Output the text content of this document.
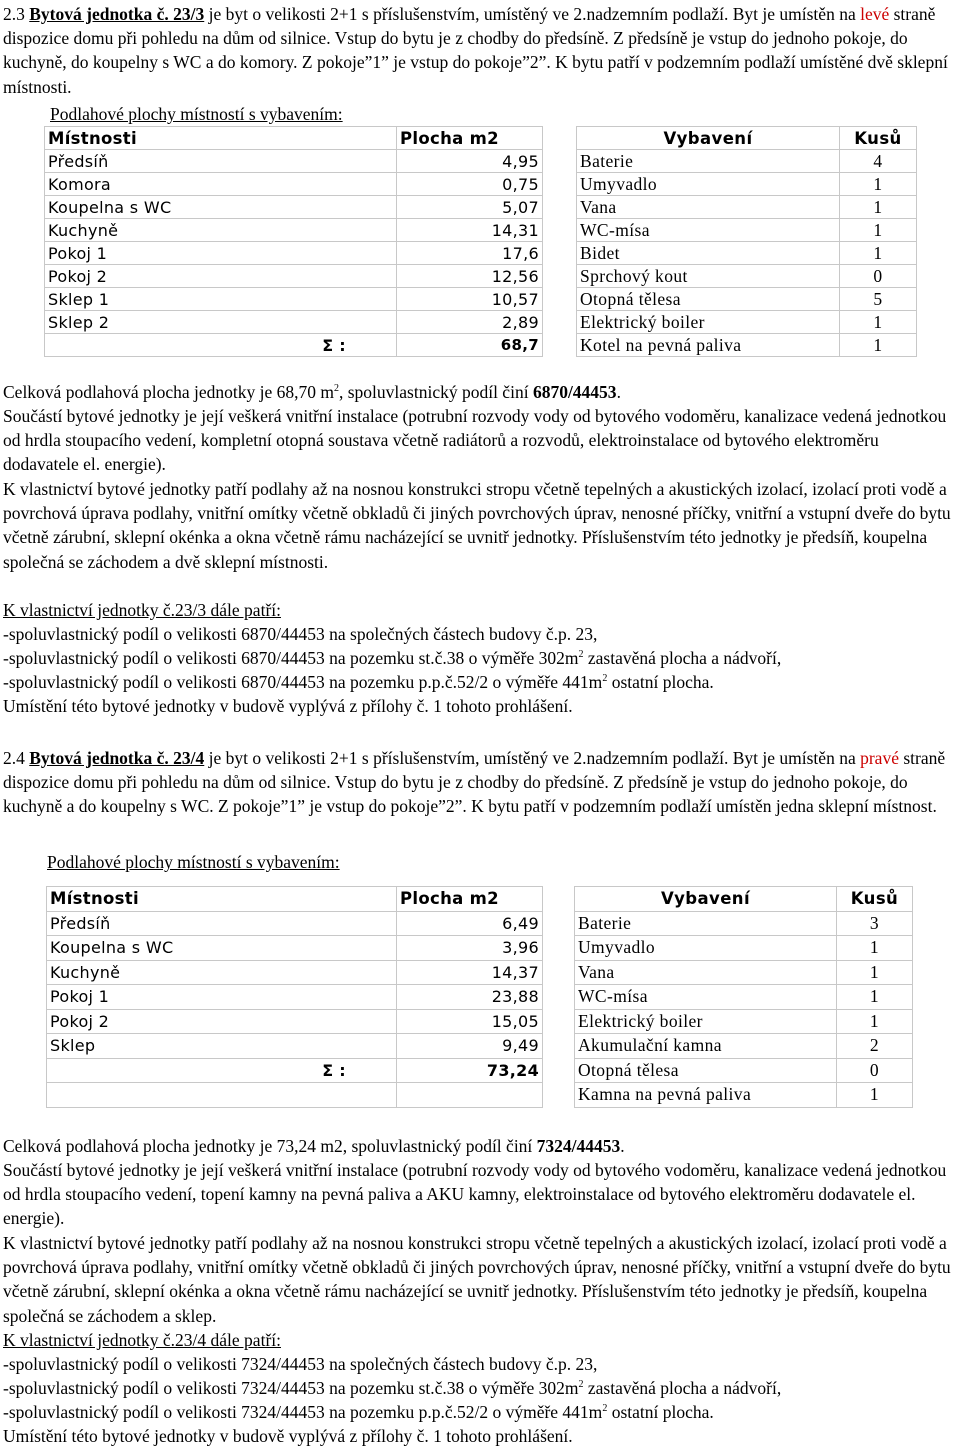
2.3 Bytová jednotka č. 23/3 je byt o velikosti 2+1 s příslušenstvím, umístěný ve 2.nadzemním podlaží. Byt je umístěn na levé straně dispozice domu při pohledu na dům od silnice. Vstup do bytu je z chodby do předsíně. Z předsíně je vstup do jednoho pokoje, do kuchyně, do koupelny s WC a do komory. Z pokoje”1” je vstup do pokoje”2”. K bytu patří v podzemním podlaží umístěné dvě sklepní místnosti.

Podlahové plochy místností s vybavením:

Místnosti	Plocha m2
Předsíň	4,95
Komora	0,75
Koupelna s WC	5,07
Kuchyně	14,31
Pokoj 1	17,6
Pokoj 2	12,56
Sklep 1	10,57
Sklep 2	2,89
Σ :	68,7
Vybavení	Kusů
Baterie	4
Umyvadlo	1
Vana	1
WC-mísa	1
Bidet	1
Sprchový kout	0
Otopná tělesa	5
Elektrický boiler	1
Kotel na pevná paliva	1

Celková podlahová plocha jednotky je 68,70 $m^2$, spoluvlastnický podíl činí 6870/44453.

Součástí bytové jednotky je její veškerá vnitřní instalace (potrubní rozvody vody od bytového vodoměru, kanalizace vedená jednotkou od hrdla stoupacího vedení, kompletní otopná soustava včetně radiátorů a rozvodů, elektroinstalace od bytového elektroměru dodavatele el. energie).

K vlastnictví bytové jednotky patří podlahy až na nosnou konstrukci stropu včetně tepelných a akustických izolací, izolací proti vodě a povrchová úprava podlahy, vnitřní omítky včetně obkladů či jiných povrchových úprav, nenosné příčky, vnitřní a vstupní dveře do bytu včetně zárubní, sklepní okénka a okna včetně rámu nacházející se uvnitř jednotky. Příslušenstvím této jednotky je předsíň, koupelna společná se záchodem a dvě sklepní místnosti.

K vlastnictví jednotky č.23/3 dále patří:

-spoluvlastnický podíl o velikosti 6870/44453 na společných částech budovy č.p. 23,

-spoluvlastnický podíl o velikosti 6870/44453 na pozemku st.č.38 o výměře $302m^2$ zastavěná plocha a nádvoří,

-spoluvlastnický podíl o velikosti 6870/44453 na pozemku p.p.č.52/2 o výměře $441m^2$ ostatní plocha.

Umístění této bytové jednotky v budově vyplývá z přílohy č. 1 tohoto prohlášení.

2.4 Bytová jednotka č. 23/4 je byt o velikosti 2+1 s příslušenstvím, umístěný ve 2.nadzemním podlaží. Byt je umístěn na pravé straně dispozice domu při pohledu na dům od silnice. Vstup do bytu je z chodby do předsíně. Z předsíně je vstup do jednoho pokoje, do kuchyně a do koupelny s WC. Z pokoje”1” je vstup do pokoje”2”. K bytu patří v podzemním podlaží umístěn jedna sklepní místnost.

Podlahové plochy místností s vybavením:

Místnosti	Plocha m2
Předsíň	6,49
Koupelna s WC	3,96
Kuchyně	14,37
Pokoj 1	23,88
Pokoj 2	15,05
Sklep	9,49
Σ :	73,24

Vybavení	Kusů
Baterie	3
Umyvadlo	1
Vana	1
WC-mísa	1
Elektrický boiler	1
Akumulační kamna	2
Otopná tělesa	0
Kamna na pevná paliva	1

Celková podlahová plocha jednotky je 73,24 m2, spoluvlastnický podíl činí 7324/44453.

Součástí bytové jednotky je její veškerá vnitřní instalace (potrubní rozvody vody od bytového vodoměru, kanalizace vedená jednotkou od hrdla stoupacího vedení, topení kamny na pevná paliva a AKU kamny, elektroinstalace od bytového elektroměru dodavatele el. energie).

K vlastnictví bytové jednotky patří podlahy až na nosnou konstrukci stropu včetně tepelných a akustických izolací, izolací proti vodě a povrchová úprava podlahy, vnitřní omítky včetně obkladů či jiných povrchových úprav, nenosné příčky, vnitřní a vstupní dveře do bytu včetně zárubní, sklepní okénka a okna včetně rámu nacházející se uvnitř jednotky. Příslušenstvím této jednotky je předsíň, koupelna společná se záchodem a sklep.

K vlastnictví jednotky č.23/4 dále patří:

-spoluvlastnický podíl o velikosti 7324/44453 na společných částech budovy č.p. 23,

-spoluvlastnický podíl o velikosti 7324/44453 na pozemku st.č.38 o výměře $302m^2$ zastavěná plocha a nádvoří,

-spoluvlastnický podíl o velikosti 7324/44453 na pozemku p.p.č.52/2 o výměře $441m^2$ ostatní plocha.

Umístění této bytové jednotky v budově vyplývá z přílohy č. 1 tohoto prohlášení.
